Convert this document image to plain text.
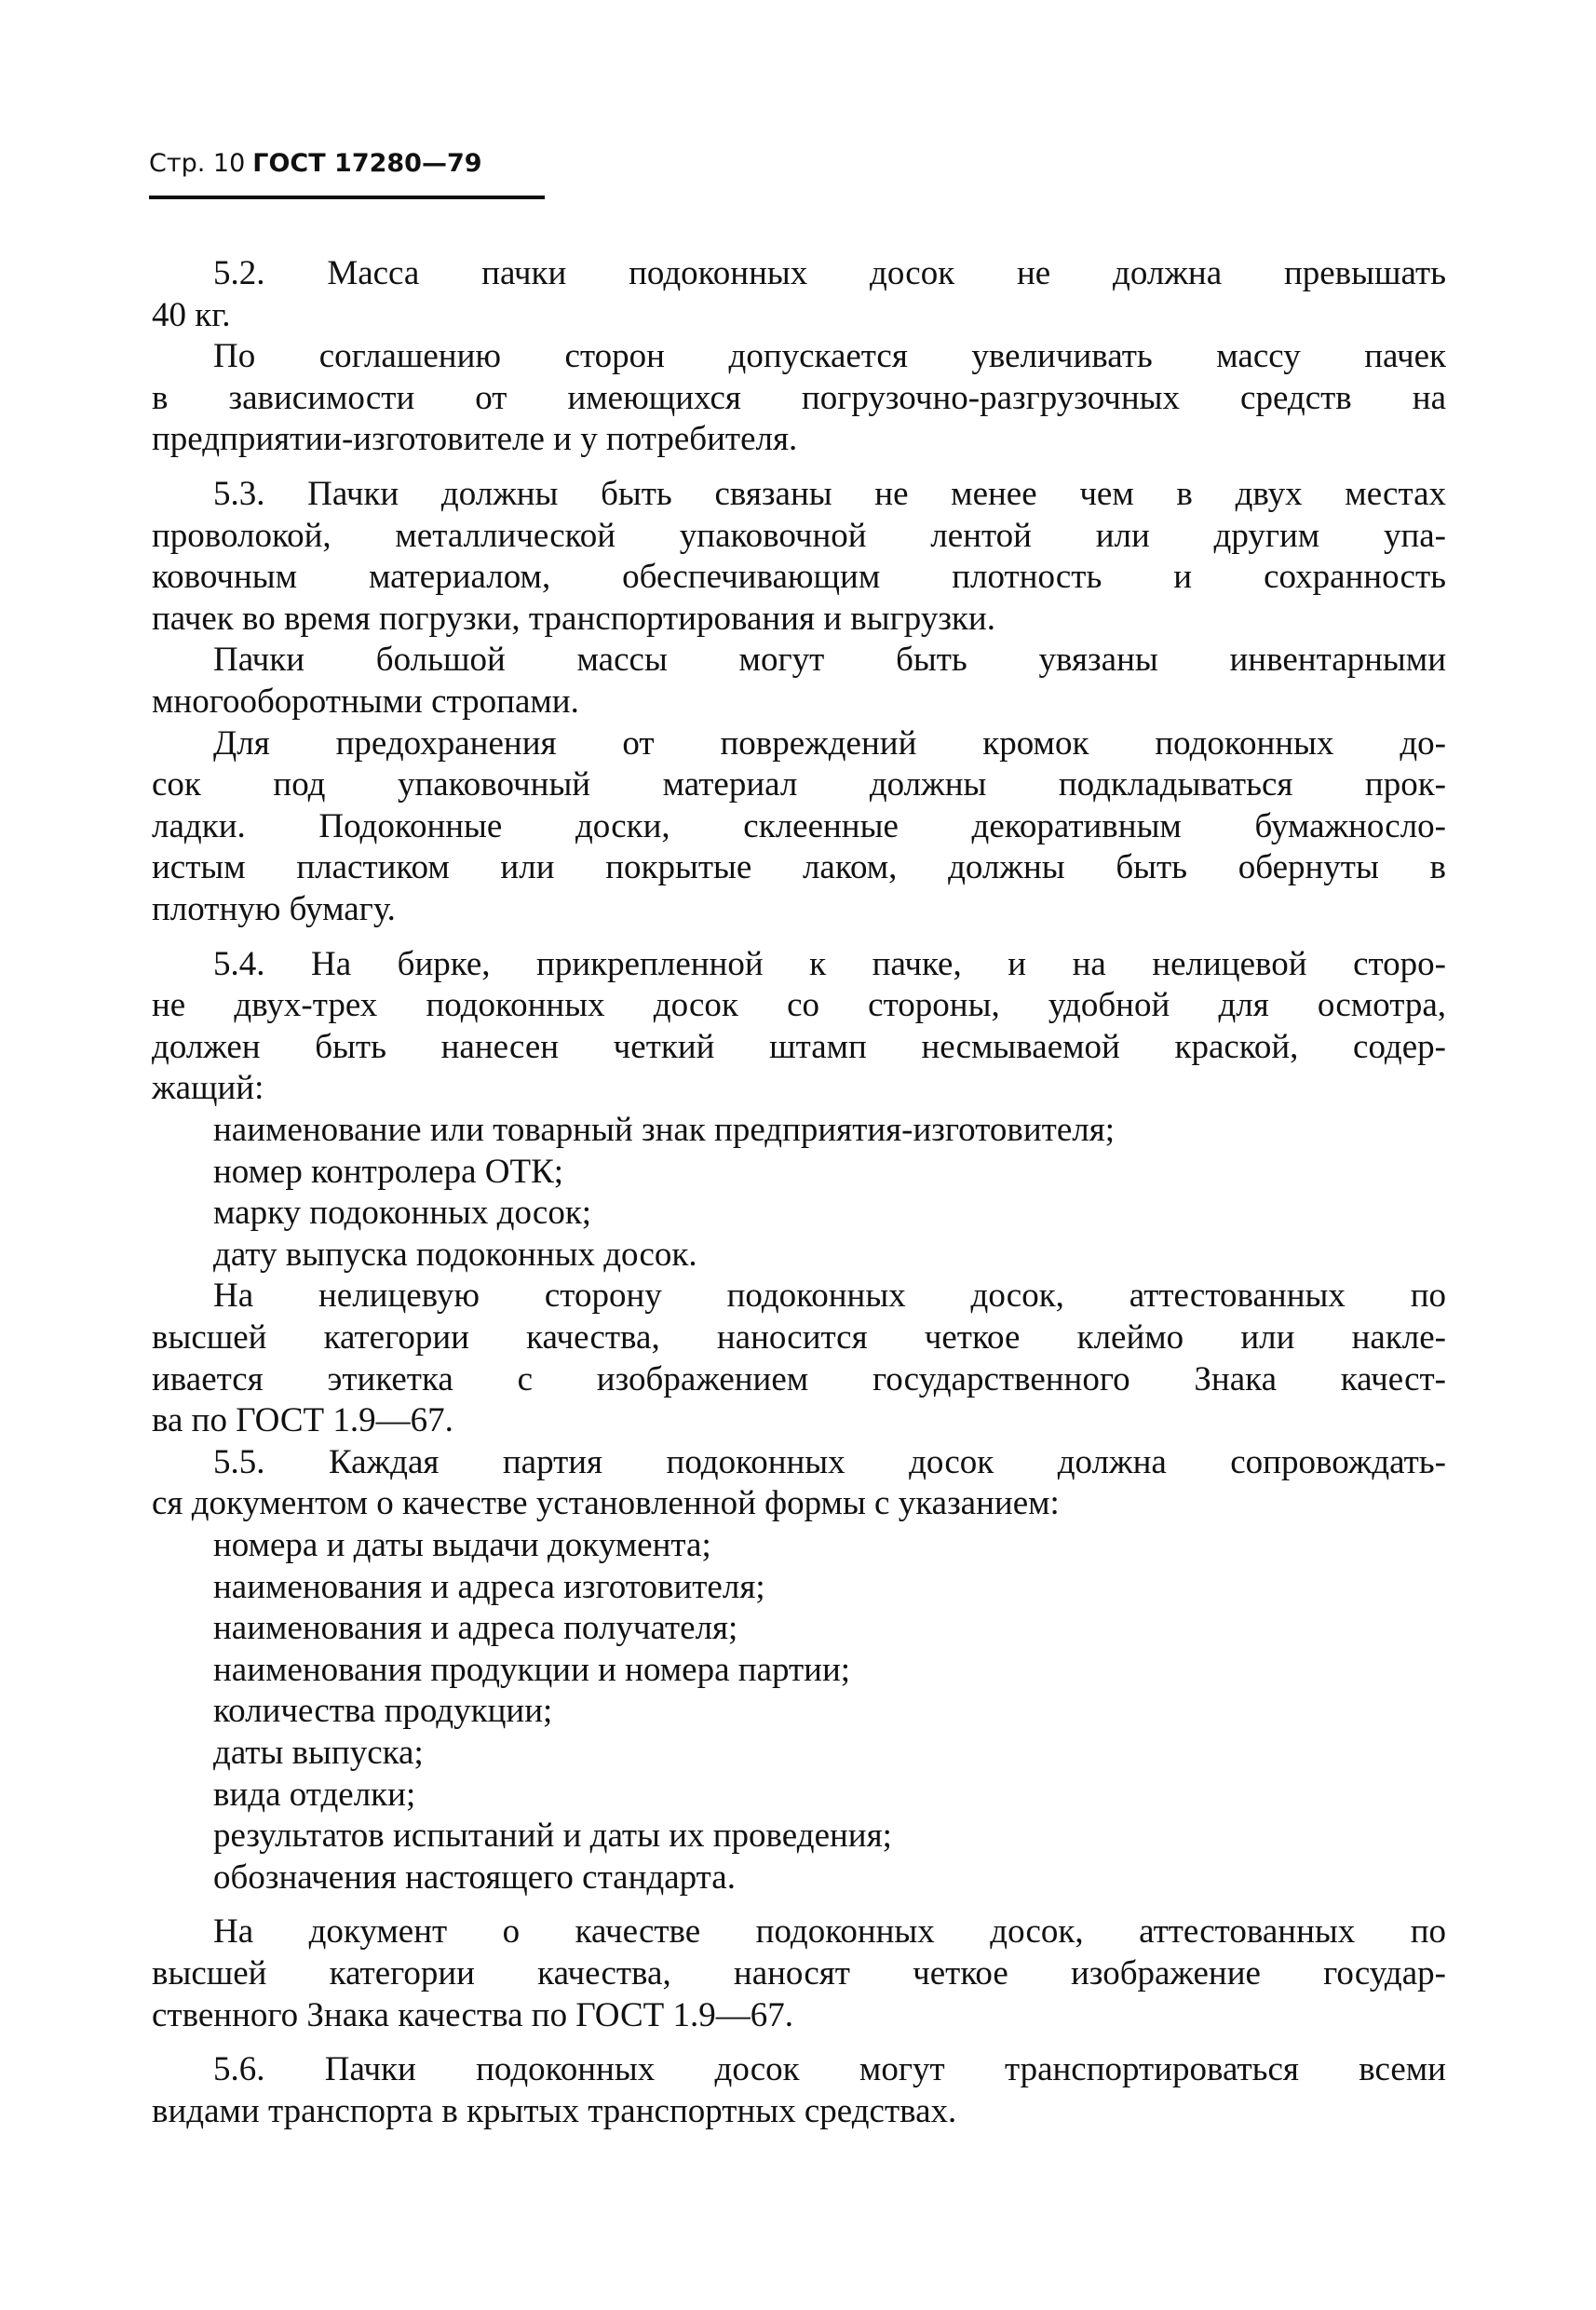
Стр. 10 ГОСТ 17280—79
5.2. Масса пачки подоконных досок не должна превышать
40 кг.
По соглашению сторон допускается увеличивать массу пачек
в зависимости от имеющихся погрузочно-разгрузочных средств на
предприятии-изготовителе и у потребителя.
5.3. Пачки должны быть связаны не менее чем в двух местах
проволокой, металлической упаковочной лентой или другим упа-
ковочным материалом, обеспечивающим плотность и сохранность
пачек во время погрузки, транспортирования и выгрузки.
Пачки большой массы могут быть увязаны инвентарными
многооборотными стропами.
Для предохранения от повреждений кромок подоконных до-
сок под упаковочный материал должны подкладываться прок-
ладки. Подоконные доски, склеенные декоративным бумажносло-
истым пластиком или покрытые лаком, должны быть обернуты в
плотную бумагу.
5.4. На бирке, прикрепленной к пачке, и на нелицевой сторо-
не двух-трех подоконных досок со стороны, удобной для осмотра,
должен быть нанесен четкий штамп несмываемой краской, содер-
жащий:
наименование или товарный знак предприятия-изготовителя;
номер контролера ОТК;
марку подоконных досок;
дату выпуска подоконных досок.
На нелицевую сторону подоконных досок, аттестованных по
высшей категории качества, наносится четкое клеймо или накле-
ивается этикетка с изображением государственного Знака качест-
ва по ГОСТ 1.9—67.
5.5. Каждая партия подоконных досок должна сопровождать-
ся документом о качестве установленной формы с указанием:
номера и даты выдачи документа;
наименования и адреса изготовителя;
наименования и адреса получателя;
наименования продукции и номера партии;
количества продукции;
даты выпуска;
вида отделки;
результатов испытаний и даты их проведения;
обозначения настоящего стандарта.
На документ о качестве подоконных досок, аттестованных по
высшей категории качества, наносят четкое изображение государ-
ственного Знака качества по ГОСТ 1.9—67.
5.6. Пачки подоконных досок могут транспортироваться всеми
видами транспорта в крытых транспортных средствах.
